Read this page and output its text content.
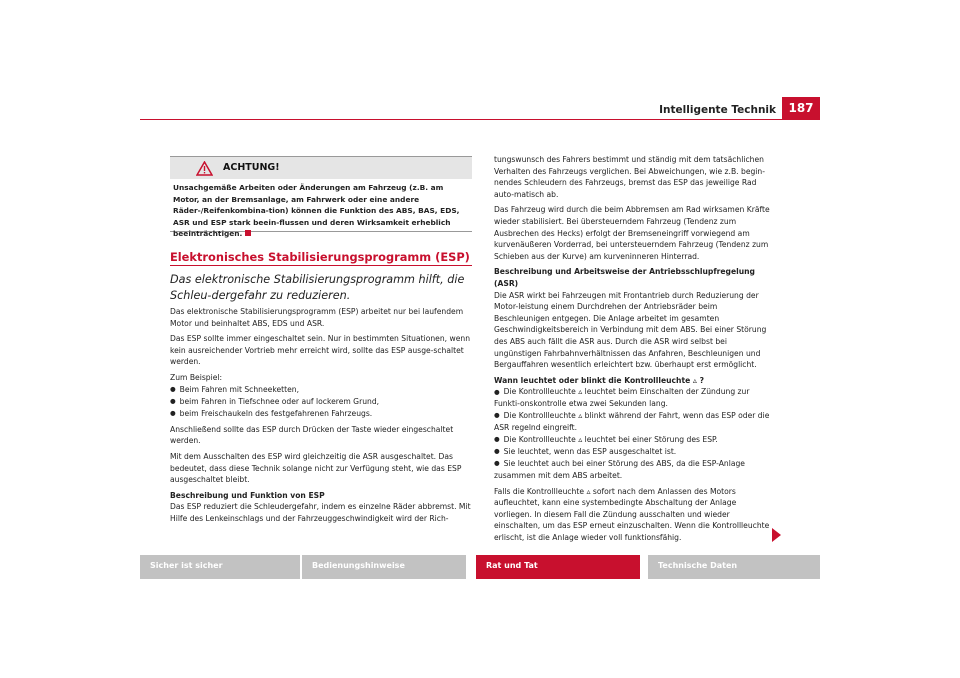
Intelligente Technik	187
ACHTUNG!
Unsachgemäße Arbeiten oder Änderungen am Fahrzeug (z.B. am Motor, an der Bremsanlage, am Fahrwerk oder eine andere Räder-/Reifenkombina-tion) können die Funktion des ABS, BAS, EDS, ASR und ESP stark beein-flussen und deren Wirksamkeit erheblich beeinträchtigen.
Elektronisches Stabilisierungsprogramm (ESP)
Das elektronische Stabilisierungsprogramm hilft, die Schleu-dergefahr zu reduzieren.

Das elektronische Stabilisierungsprogramm (ESP) arbeitet nur bei laufendem Motor und beinhaltet ABS, EDS und ASR.

Das ESP sollte immer eingeschaltet sein. Nur in bestimmten Situationen, wenn kein ausreichender Vortrieb mehr erreicht wird, sollte das ESP ausge-schaltet werden.

Zum Beispiel:

● Beim Fahren mit Schneeketten,

● beim Fahren in Tiefschnee oder auf lockerem Grund,

● beim Freischaukeln des festgefahrenen Fahrzeugs.

Anschließend sollte das ESP durch Drücken der Taste wieder eingeschaltet werden.

Mit dem Ausschalten des ESP wird gleichzeitig die ASR ausgeschaltet. Das bedeutet, dass diese Technik solange nicht zur Verfügung steht, wie das ESP ausgeschaltet bleibt.

Beschreibung und Funktion von ESP

Das ESP reduziert die Schleudergefahr, indem es einzelne Räder abbremst. Mit Hilfe des Lenkeinschlags und der Fahrzeuggeschwindigkeit wird der Rich-

tungswunsch des Fahrers bestimmt und ständig mit dem tatsächlichen Verhalten des Fahrzeugs verglichen. Bei Abweichungen, wie z.B. begin-nendes Schleudern des Fahrzeugs, bremst das ESP das jeweilige Rad auto-matisch ab.

Das Fahrzeug wird durch die beim Abbremsen am Rad wirksamen Kräfte wieder stabilisiert. Bei übersteuerndem Fahrzeug (Tendenz zum Ausbrechen des Hecks) erfolgt der Bremseneingriff vorwiegend am kurvenäußeren Vorderrad, bei untersteuerndem Fahrzeug (Tendenz zum Schieben aus der Kurve) am kurveninneren Hinterrad.

Beschreibung und Arbeitsweise der Antriebsschlupfregelung (ASR)

Die ASR wirkt bei Fahrzeugen mit Frontantrieb durch Reduzierung der Motor-leistung einem Durchdrehen der Antriebsräder beim Beschleunigen entgegen. Die Anlage arbeitet im gesamten Geschwindigkeitsbereich in Verbindung mit dem ABS. Bei einer Störung des ABS auch fällt die ASR aus. Durch die ASR wird selbst bei ungünstigen Fahrbahnverhältnissen das Anfahren, Beschleunigen und Bergauffahren wesentlich erleichtert bzw. überhaupt erst ermöglicht.

Wann leuchtet oder blinkt die Kontrollleuchte ▵ ?

● Die Kontrollleuchte ▵ leuchtet beim Einschalten der Zündung zur Funkti-onskontrolle etwa zwei Sekunden lang.

● Die Kontrollleuchte ▵ blinkt während der Fahrt, wenn das ESP oder die ASR regelnd eingreift.

● Die Kontrollleuchte ▵ leuchtet bei einer Störung des ESP.

● Sie leuchtet, wenn das ESP ausgeschaltet ist.

● Sie leuchtet auch bei einer Störung des ABS, da die ESP-Anlage zusammen mit dem ABS arbeitet.

Falls die Kontrollleuchte ▵ sofort nach dem Anlassen des Motors aufleuchtet, kann eine systembedingte Abschaltung der Anlage vorliegen. In diesem Fall die Zündung ausschalten und wieder einschalten, um das ESP erneut einzuschalten. Wenn die Kontrollleuchte erlischt, ist die Anlage wieder voll funktionsfähig.

Sicher ist sicher	Bedienungshinweise	Rat und Tat	Technische Daten
